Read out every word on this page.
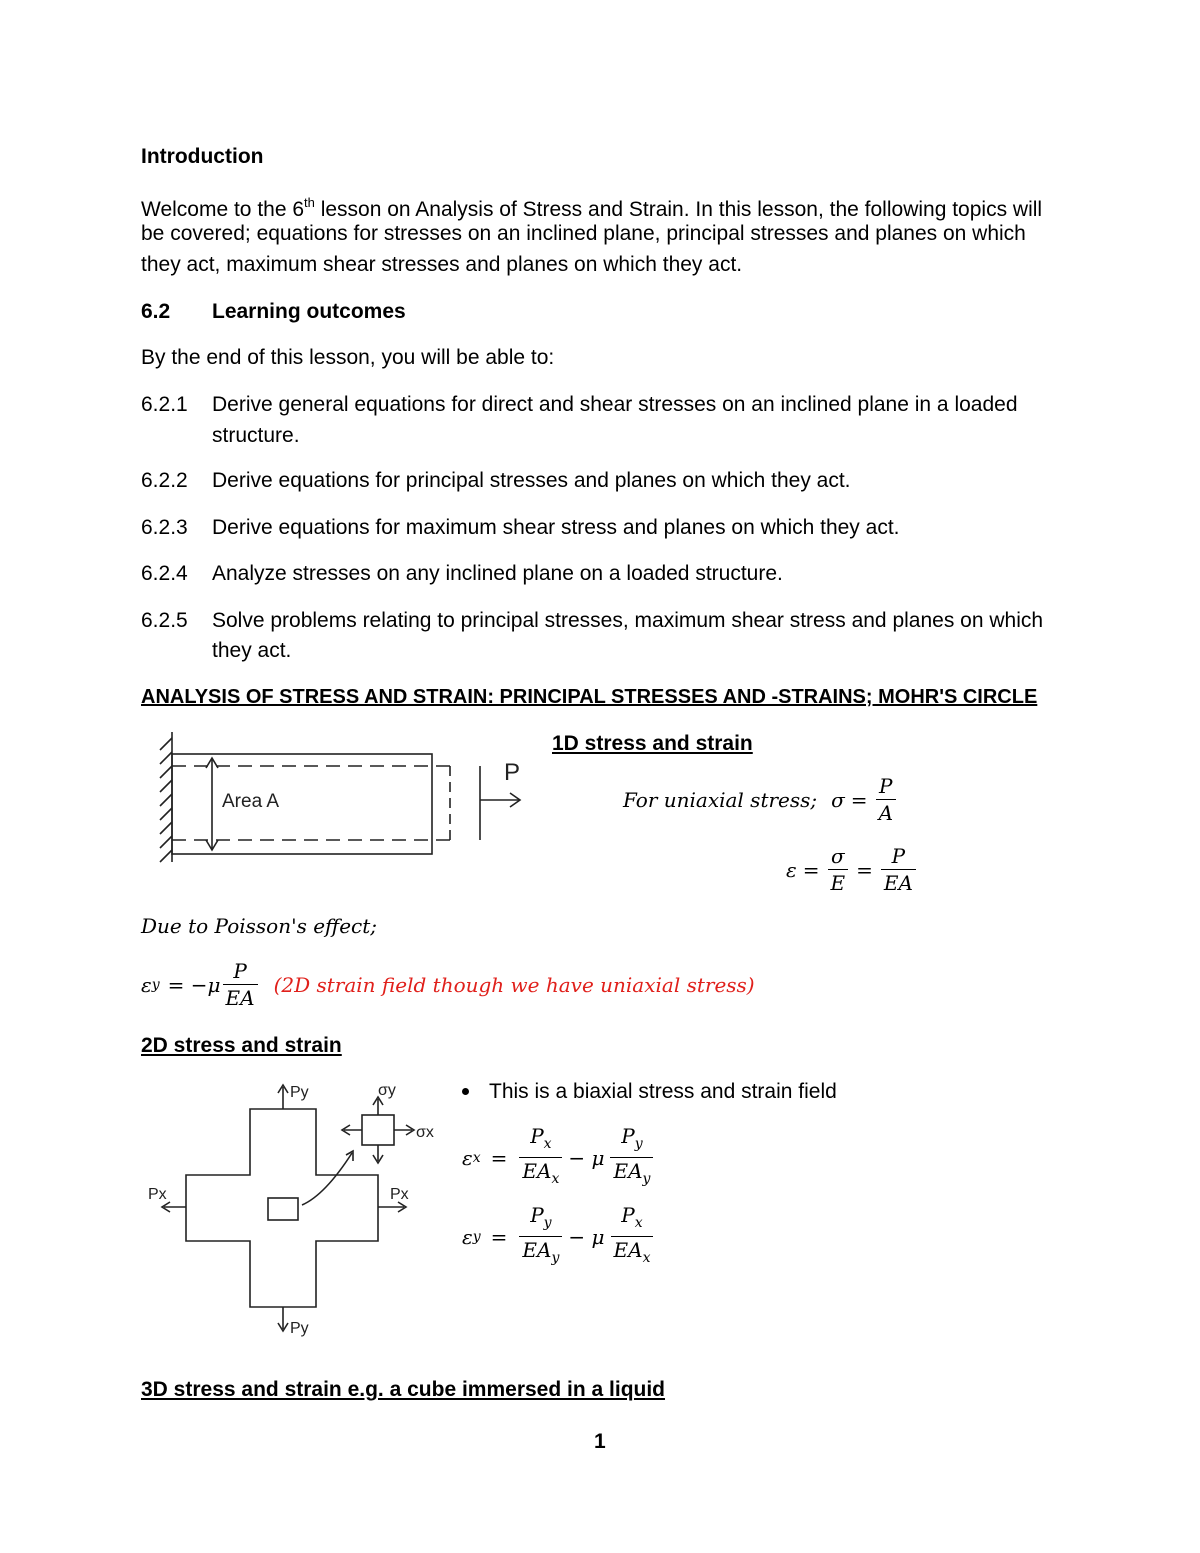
Introduction
Welcome to the 6th lesson on Analysis of Stress and Strain. In this lesson, the following topics will
be covered; equations for stresses on an inclined plane, principal stresses and planes on which
they act, maximum shear stresses and planes on which they act.
6.2 Learning outcomes
By the end of this lesson, you will be able to:
6.2.1 Derive general equations for direct and shear stresses on an inclined plane in a loaded
structure.
6.2.2 Derive equations for principal stresses and planes on which they act.
6.2.3 Derive equations for maximum shear stress and planes on which they act.
6.2.4 Analyze stresses on any inclined plane on a loaded structure.
6.2.5 Solve problems relating to principal stresses, maximum shear stress and planes on which
they act.
ANALYSIS OF STRESS AND STRAIN: PRINCIPAL STRESSES AND -STRAINS; MOHR'S CIRCLE
Area A
P
1D stress and strain
For uniaxial stress; $\sigma = \frac{P}{A}$
$\varepsilon = \frac{\sigma}{E} = \frac{P}{EA}$
Due to Poisson's effect;
ε $y = -\mu \frac{P}{EA} (2D$ strain field though we have uniaxial stress)
2D stress and strain
Py
Py
Px	Px
σy
σx
This is a biaxial stress and strain field
ε $x = \frac{P_x}{EA_x} - \mu \frac{P_y}{EA_y}$
ε $y = \frac{P_y}{EA_y} - \mu \frac{P_x}{EA_x}$
3D stress and strain e.g. a cube immersed in a liquid
1
